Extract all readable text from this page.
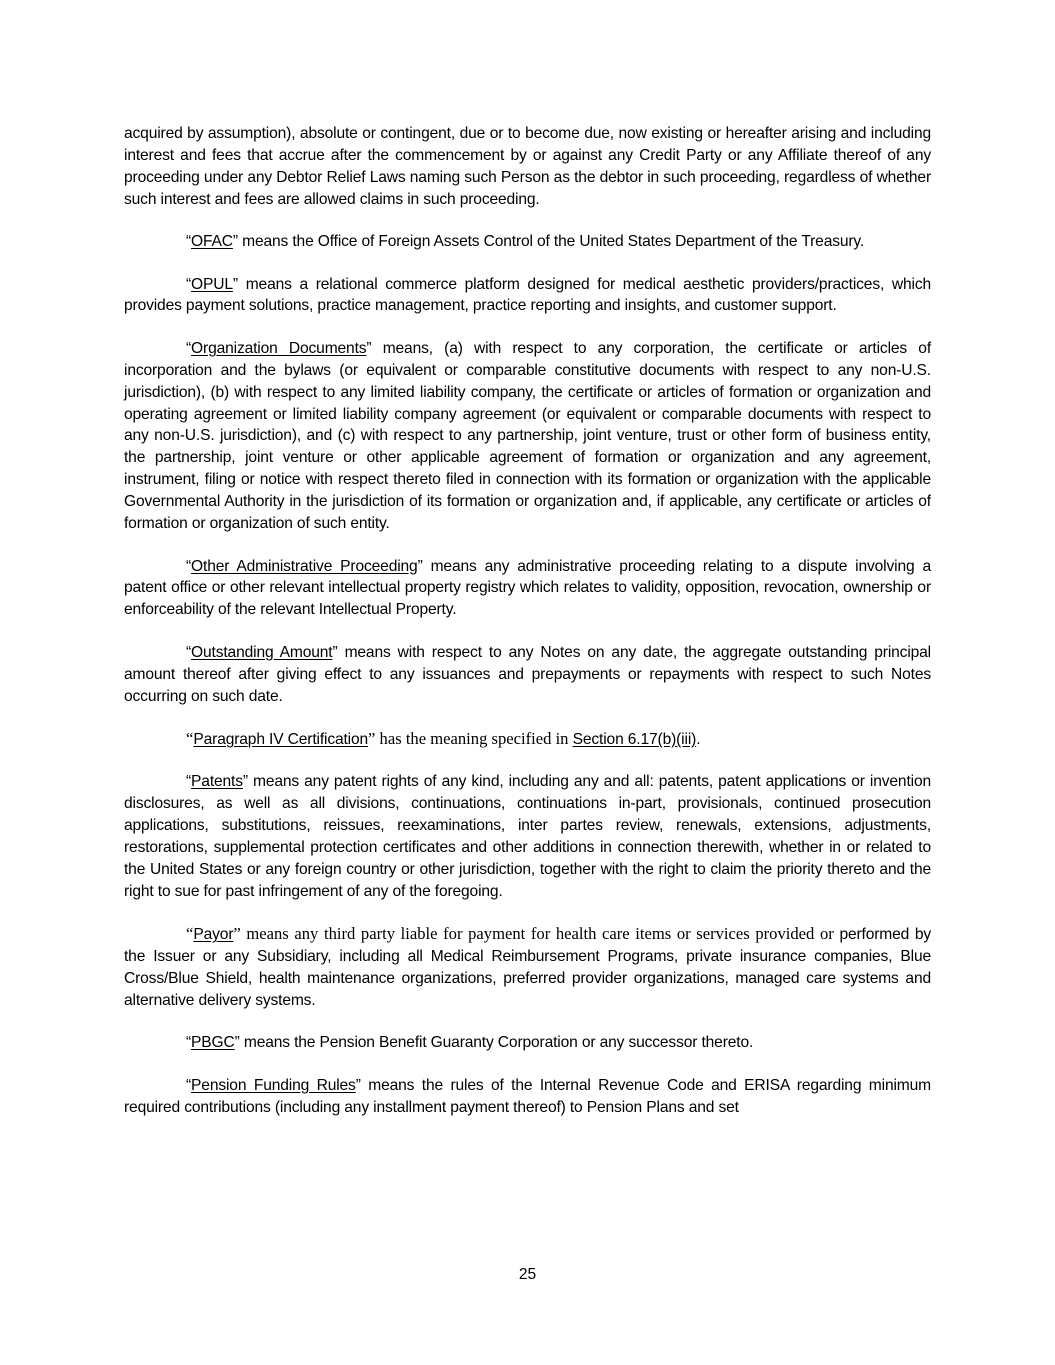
acquired by assumption), absolute or contingent, due or to become due, now existing or hereafter arising and including interest and fees that accrue after the commencement by or against any Credit Party or any Affiliate thereof of any proceeding under any Debtor Relief Laws naming such Person as the debtor in such proceeding, regardless of whether such interest and fees are allowed claims in such proceeding.

“OFAC” means the Office of Foreign Assets Control of the United States Department of the Treasury.

“OPUL” means a relational commerce platform designed for medical aesthetic providers/practices, which provides payment solutions, practice management, practice reporting and insights, and customer support.

“Organization Documents” means, (a) with respect to any corporation, the certificate or articles of incorporation and the bylaws (or equivalent or comparable constitutive documents with respect to any non-U.S. jurisdiction), (b) with respect to any limited liability company, the certificate or articles of formation or organization and operating agreement or limited liability company agreement (or equivalent or comparable documents with respect to any non-U.S. jurisdiction), and (c) with respect to any partnership, joint venture, trust or other form of business entity, the partnership, joint venture or other applicable agreement of formation or organization and any agreement, instrument, filing or notice with respect thereto filed in connection with its formation or organization with the applicable Governmental Authority in the jurisdiction of its formation or organization and, if applicable, any certificate or articles of formation or organization of such entity.

“Other Administrative Proceeding” means any administrative proceeding relating to a dispute involving a patent office or other relevant intellectual property registry which relates to validity, opposition, revocation, ownership or enforceability of the relevant Intellectual Property.

“Outstanding Amount” means with respect to any Notes on any date, the aggregate outstanding principal amount thereof after giving effect to any issuances and prepayments or repayments with respect to such Notes occurring on such date.

“Paragraph IV Certification” has the meaning specified in Section 6.17(b)(iii).

“Patents” means any patent rights of any kind, including any and all: patents, patent applications or invention disclosures, as well as all divisions, continuations, continuations in-part, provisionals, continued prosecution applications, substitutions, reissues, reexaminations, inter partes review, renewals, extensions, adjustments, restorations, supplemental protection certificates and other additions in connection therewith, whether in or related to the United States or any foreign country or other jurisdiction, together with the right to claim the priority thereto and the right to sue for past infringement of any of the foregoing.

“Payor” means any third party liable for payment for health care items or services provided or performed by the Issuer or any Subsidiary, including all Medical Reimbursement Programs, private insurance companies, Blue Cross/Blue Shield, health maintenance organizations, preferred provider organizations, managed care systems and alternative delivery systems.

“PBGC” means the Pension Benefit Guaranty Corporation or any successor thereto.

“Pension Funding Rules” means the rules of the Internal Revenue Code and ERISA regarding minimum required contributions (including any installment payment thereof) to Pension Plans and set

25
